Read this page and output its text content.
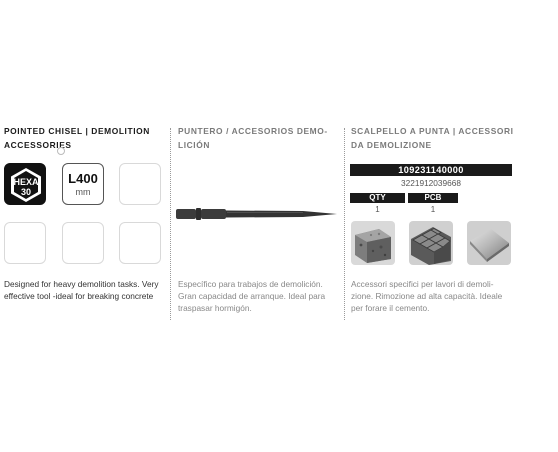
POINTED CHISEL | DEMOLITION
ACCESSORIES
HEXA
30
L400
mm
Designed for heavy demolition tasks. Very
effective tool -ideal for breaking concrete
PUNTERO / ACCESORIOS DEMO-
LICIÓN
Específico para trabajos de demolición.
Gran capacidad de arranque. Ideal para
traspasar hormigón.
SCALPELLO A PUNTA | ACCESSORI
DA DEMOLIZIONE
109231140000
3221912039668
QTY	PCB
1	1
Accessori specifici per lavori di demoli-
zione. Rimozione ad alta capacità. Ideale
per forare il cemento.
